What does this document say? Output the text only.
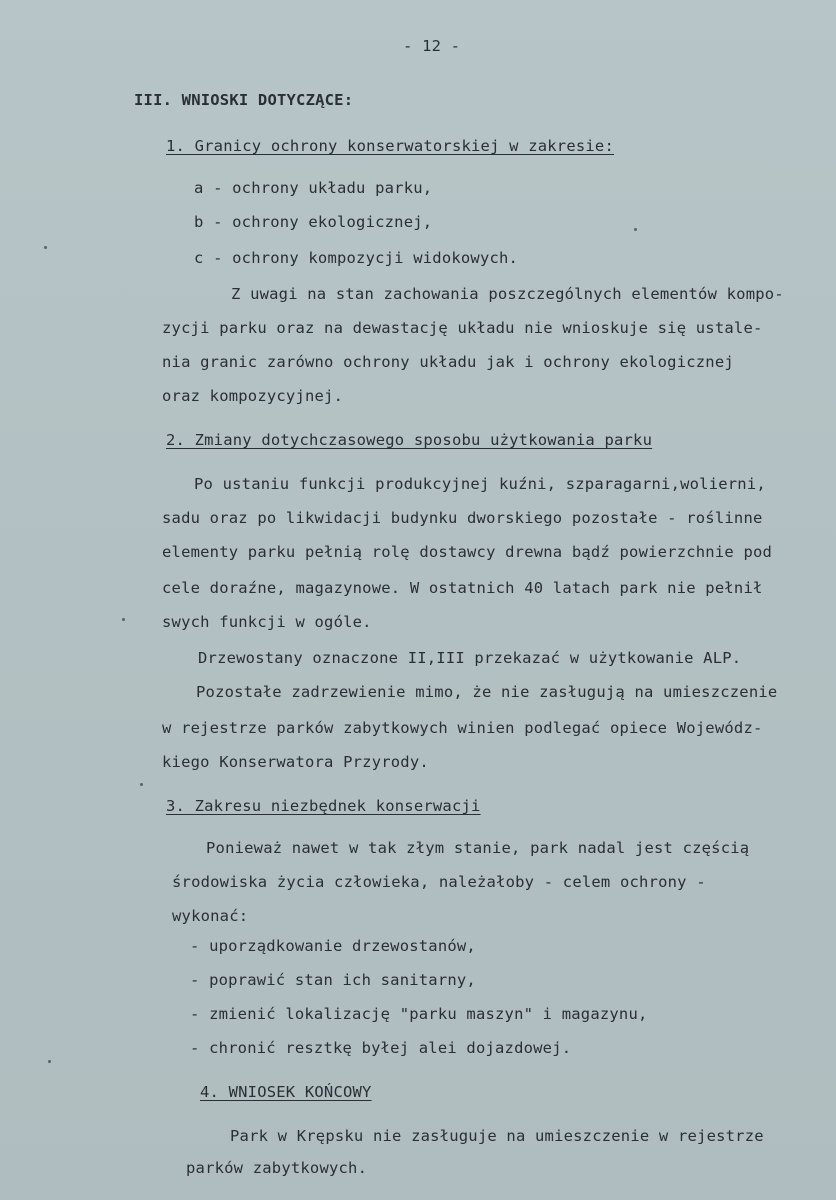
- 12 -
III. WNIOSKI DOTYCZĄCE:
1. Granicy ochrony konserwatorskiej w zakresie:
a - ochrony układu parku,
b - ochrony ekologicznej,
c - ochrony kompozycji widokowych.
Z uwagi na stan zachowania poszczególnych elementów kompo-
zycji parku oraz na dewastację układu nie wnioskuje się ustale-
nia granic zarówno ochrony układu jak i ochrony ekologicznej
oraz kompozycyjnej.
2. Zmiany dotychczasowego sposobu użytkowania parku
Po ustaniu funkcji produkcyjnej kuźni, szparagarni,wolierni,
sadu oraz po likwidacji budynku dworskiego pozostałe - roślinne
elementy parku pełnią rolę dostawcy drewna bądź powierzchnie pod
cele doraźne, magazynowe. W ostatnich 40 latach park nie pełnił
swych funkcji w ogóle.
Drzewostany oznaczone II,III przekazać w użytkowanie ALP.
Pozostałe zadrzewienie mimo, że nie zasługują na umieszczenie
w rejestrze parków zabytkowych winien podlegać opiece Wojewódz-
kiego Konserwatora Przyrody.
3. Zakresu niezbędnek konserwacji
Ponieważ nawet w tak złym stanie, park nadal jest częścią
środowiska życia człowieka, należałoby - celem ochrony -
wykonać:
- uporządkowanie drzewostanów,
- poprawić stan ich sanitarny,
- zmienić lokalizację "parku maszyn" i magazynu,
- chronić resztkę byłej alei dojazdowej.
4. WNIOSEK KOŃCOWY
Park w Krępsku nie zasługuje na umieszczenie w rejestrze
parków zabytkowych.
